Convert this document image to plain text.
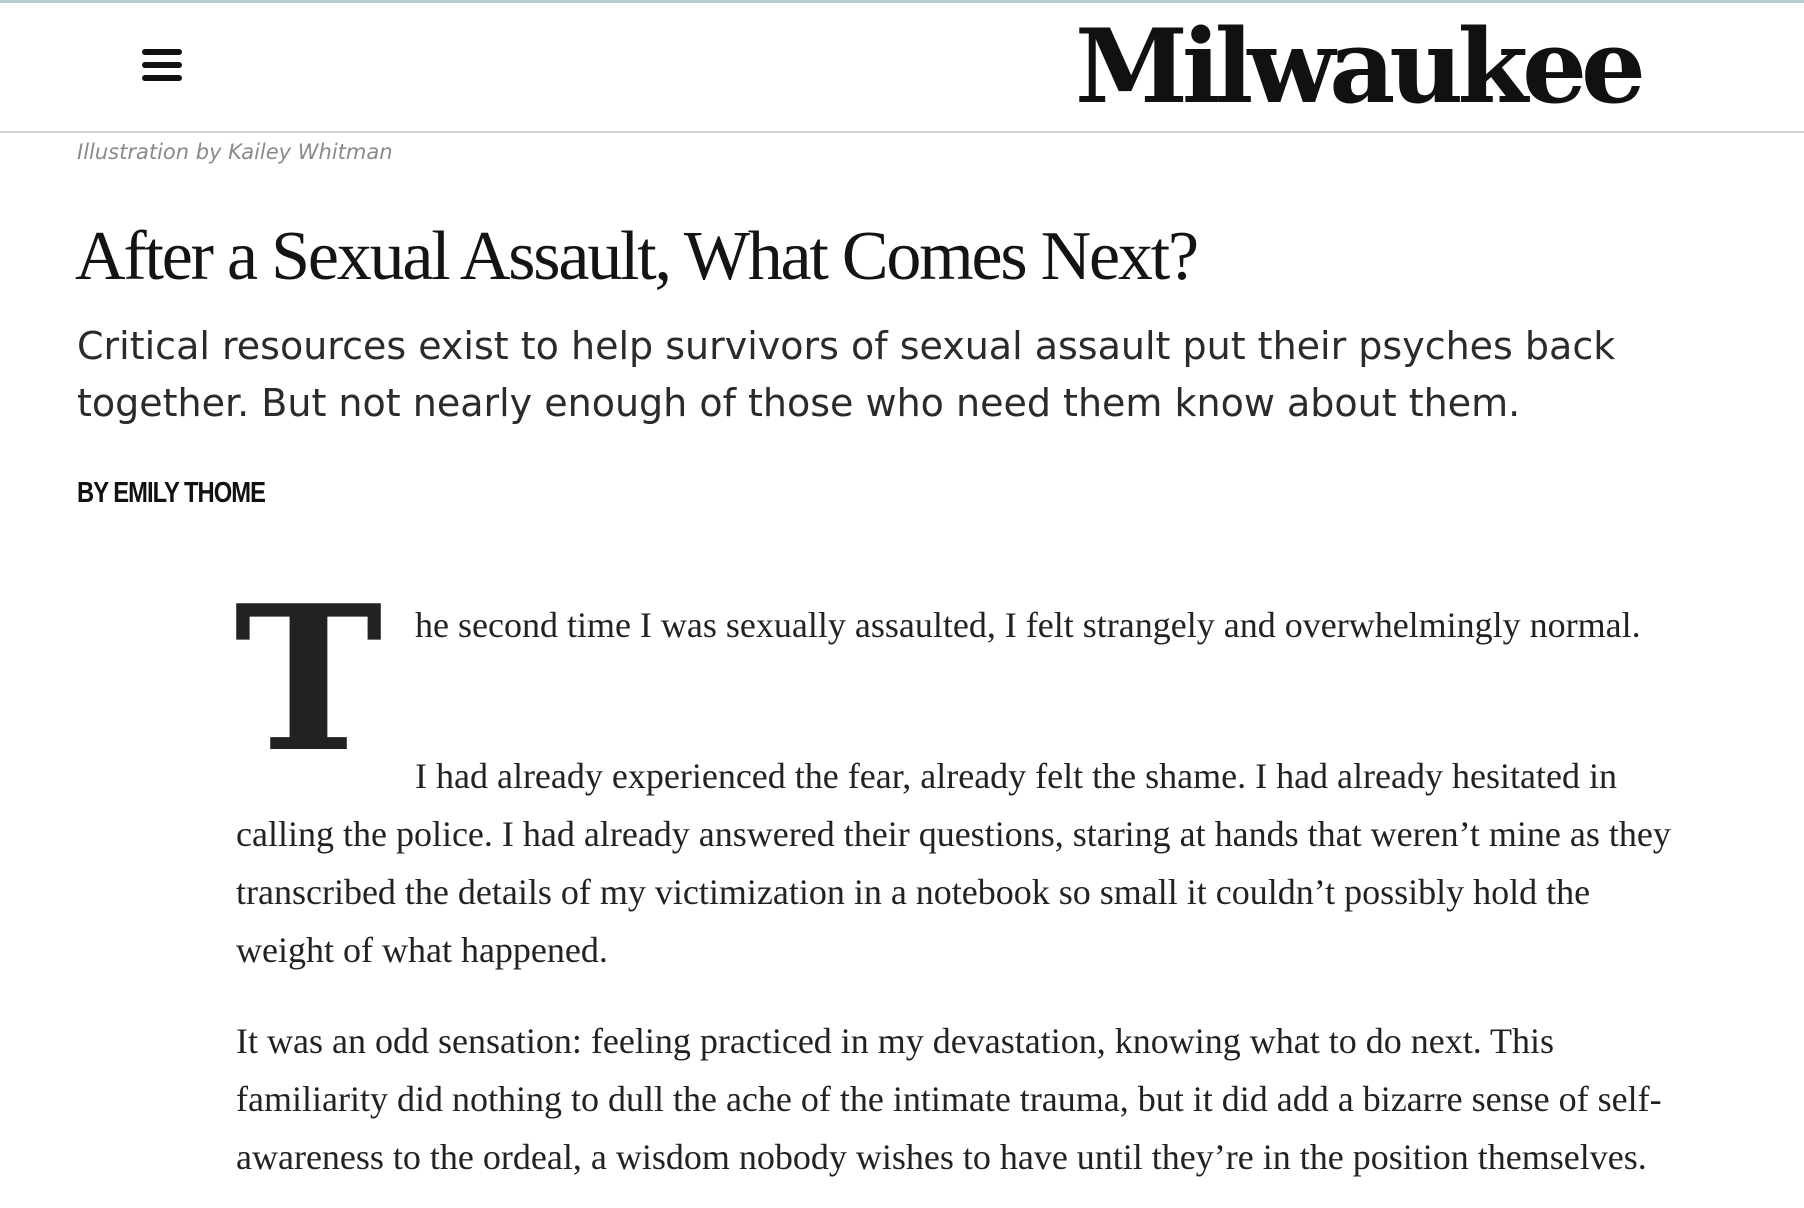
Milwaukee
Illustration by Kailey Whitman
After a Sexual Assault, What Comes Next?

Critical resources exist to help survivors of sexual assault put their psyches back together. But not nearly enough of those who need them know about them.

BY EMILY THOME
T he second time I was sexually assaulted, I felt strangely and overwhelmingly normal.

I had already experienced the fear, already felt the shame. I had already hesitated in calling the police. I had already answered their questions, staring at hands that weren’t mine as they transcribed the details of my victimization in a notebook so small it couldn’t possibly hold the weight of what happened.

It was an odd sensation: feeling practiced in my devastation, knowing what to do next. This familiarity did nothing to dull the ache of the intimate trauma, but it did add a bizarre sense of self-awareness to the ordeal, a wisdom nobody wishes to have until they’re in the position themselves.
